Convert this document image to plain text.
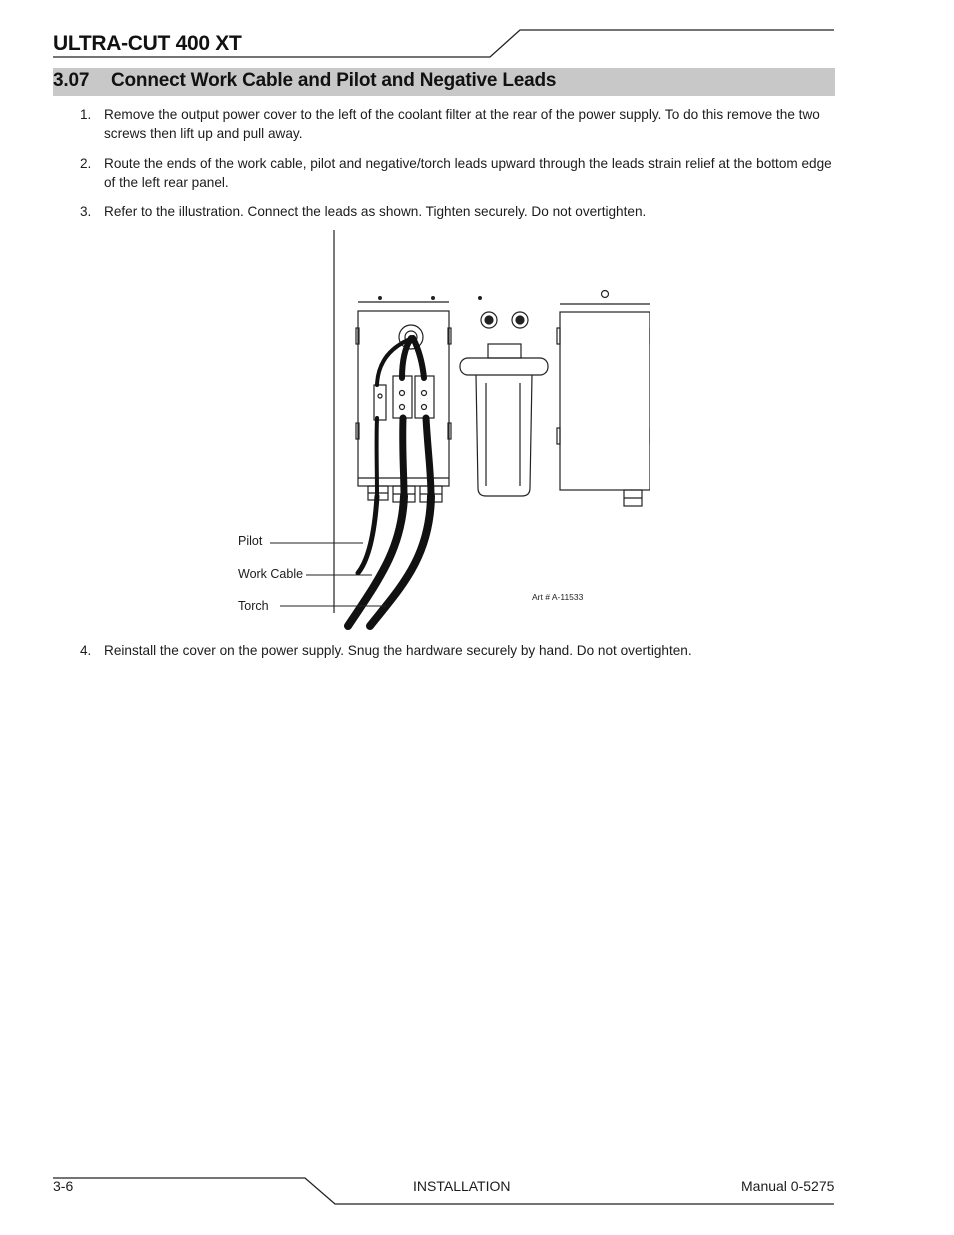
ULTRA-CUT 400 XT
3.07 Connect Work Cable and Pilot and Negative Leads
1. Remove the output power cover to the left of the coolant filter at the rear of the power supply. To do this remove the two screws then lift up and pull away.
2. Route the ends of the work cable, pilot and negative/torch leads upward through the leads strain relief at the bottom edge of the left rear panel.
3. Refer to the illustration. Connect the leads as shown. Tighten securely. Do not overtighten.
Pilot
Work Cable
Torch
Art # A-11533
4. Reinstall the cover on the power supply. Snug the hardware securely by hand. Do not overtighten.
3-6	INSTALLATION	Manual 0-5275
